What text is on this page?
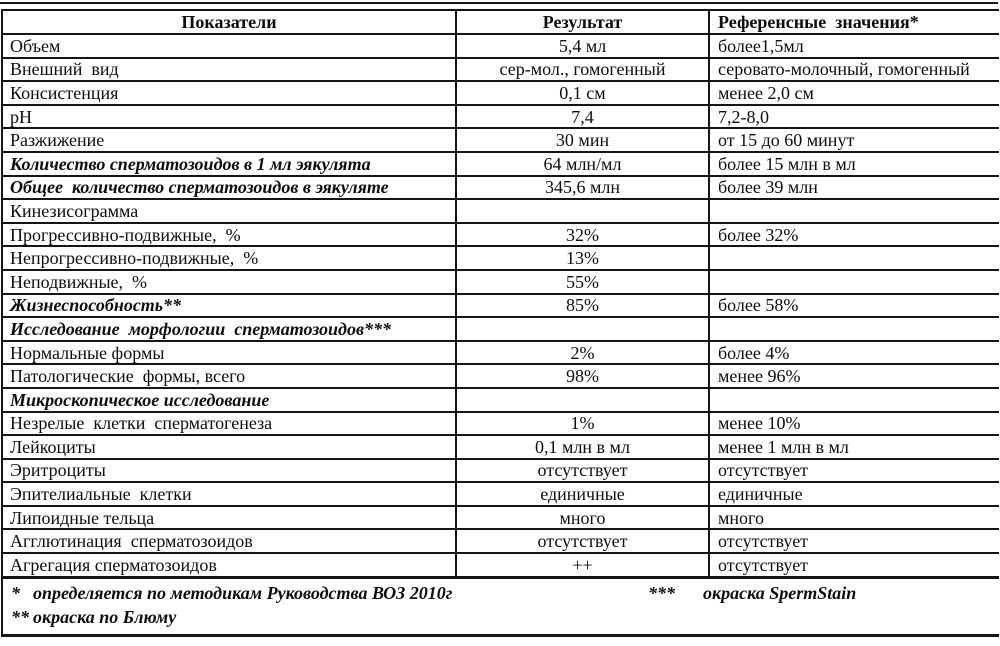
Показатели	Результат	Референсные  значения*
Объем	5,4 мл	более1,5мл
Внешний  вид	сер-мол., гомогенный	серовато-молочный, гомогенный
Консистенция	0,1 см	менее 2,0 см
pH	7,4	7,2-8,0
Разжижение	30 мин	от 15 до 60 минут
Количество сперматозоидов в 1 мл эякулята	64 млн/мл	более 15 млн в мл
Общее  количество сперматозоидов в эякуляте	345,6 млн	более 39 млн
Кинезисограмма
Прогрессивно-подвижные,  %	32%	более 32%
Непрогрессивно-подвижные,  %	13%
Неподвижные,  %	55%
Жизнеспособность**	85%	более 58%
Исследование  морфологии  сперматозоидов***
Нормальные формы	2%	более 4%
Патологические  формы, всего	98%	менее 96%
Микроскопическое исследование
Незрелые  клетки  сперматогенеза	1%	менее 10%
Лейкоциты	0,1 млн в мл	менее 1 млн в мл
Эритроциты	отсутствует	отсутствует
Эпителиальные  клетки	единичные	единичные
Липоидные тельца	много	много
Агглютинация  сперматозоидов	отсутствует	отсутствует
Агрегация сперматозоидов	++	отсутствует
* определяется по методикам Руководства ВОЗ 2010г	***	окраска SpermStain
** окраска по Блюму
